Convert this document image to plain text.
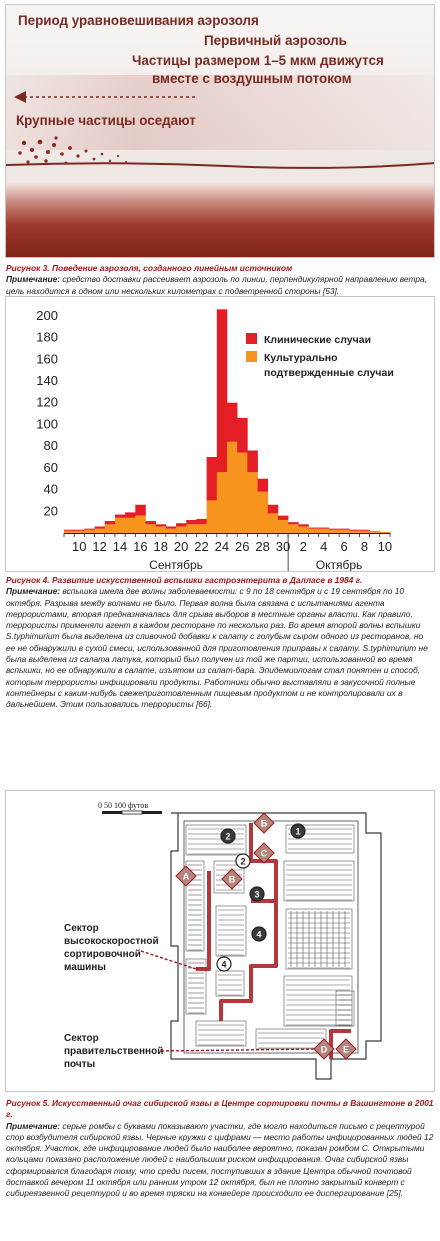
Период уравновешивания аэрозоля
Первичный аэрозоль
Частицы размером 1–5 мкм движутся
вместе с воздушным потоком
Крупные частицы оседают
Рисунок 3. Поведение аэрозоля, созданного линейным источником
Примечание: средство доставки рассеивает аэрозоль по линии, перпендикулярной направлению ветра, цель находится в одном или нескольких километрах с подветренной стороны [53].
20
40
60
80
100
120
140
160
180
200
10 12 14 16 18 20 22 24 26 28 30 2 4 6 8 10
Сентябрь	Октябрь
Клинические случаи
Культурально
подтвержденные случаи
Рисунок 4. Развитие искусственной вспышки гастроэнтерита в Далласе в 1984 г.
Примечание: вспышка имела две волны заболеваемости: с 9 по 18 сентября и с 19 сентября по 10 октября. Разрыва между волнами не было. Первая волна была связана с испытаниями агента террористами, вторая предназначалась для срыва выборов в местные органы власти. Как правило, террористы применяли агент в каждом ресторане по несколько раз. Во время второй волны вспышки S.typhimurium была выделена из сливочной добавки к салату с голубым сыром одного из ресторанов, но ее не обнаружили в сухой смеси, использованной для приготовления приправы к салату. S.typhimurium не была выделена из салата латука, который был получен из той же партии, использованной во время вспышки, но ее обнаружили в салате, изъятом из салат-бара. Эпидемиологам стал понятен и способ, которым террористы инфицировали продукты. Работники обычно выставляли в закусочной полные контейнеры с каким-нибудь свежеприготовленным пищевым продуктом и не контролировали их в дальнейшем. Этим пользовались террористы [66].
0 50 100 футов
Б
A	B
C
D E
1
2
2
3
4
4
Сектор
высокоскоростной
сортировочной
машины
Сектор
правительственной
почты
Рисунок 5. Искусственный очаг сибирской язвы в Центре сортировки почты в Вашингтоне в 2001 г.
Примечание: серые ромбы с буквами показывают участки, где могло находиться письмо с рецептурой спор возбудителя сибирской язвы. Черные кружки с цифрами — место работы инфицированных людей 12 октября. Участок, где инфицирование людей было наиболее вероятно, показан ромбом С. Открытыми кольцами показано расположение людей с наибольшим риском инфицирования. Очаг сибирской язвы сформировался благодаря тому, что среди писем, поступивших в здание Центра обычной почтовой доставкой вечером 11 октября или ранним утром 12 октября, был не плотно закрытый конверт с сибиреязвенной рецептурой и во время тряски на конвейере происходило ее диспергирование [25].
